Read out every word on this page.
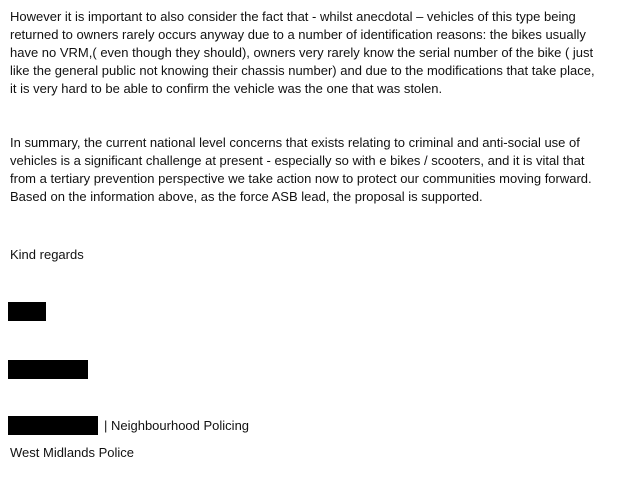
However it is important to also consider the fact that - whilst anecdotal – vehicles of this type being
returned to owners rarely occurs anyway due to a number of identification reasons: the bikes usually
have no VRM,( even though they should), owners very rarely know the serial number of the bike ( just
like the general public not knowing their chassis number) and due to the modifications that take place,
it is very hard to be able to confirm the vehicle was the one that was stolen.

In summary, the current national level concerns that exists relating to criminal and anti-social use of
vehicles is a significant challenge at present - especially so with e bikes / scooters, and it is vital that
from a tertiary prevention perspective we take action now to protect our communities moving forward.
Based on the information above, as the force ASB lead, the proposal is supported.

Kind regards

| Neighbourhood Policing
West Midlands Police
